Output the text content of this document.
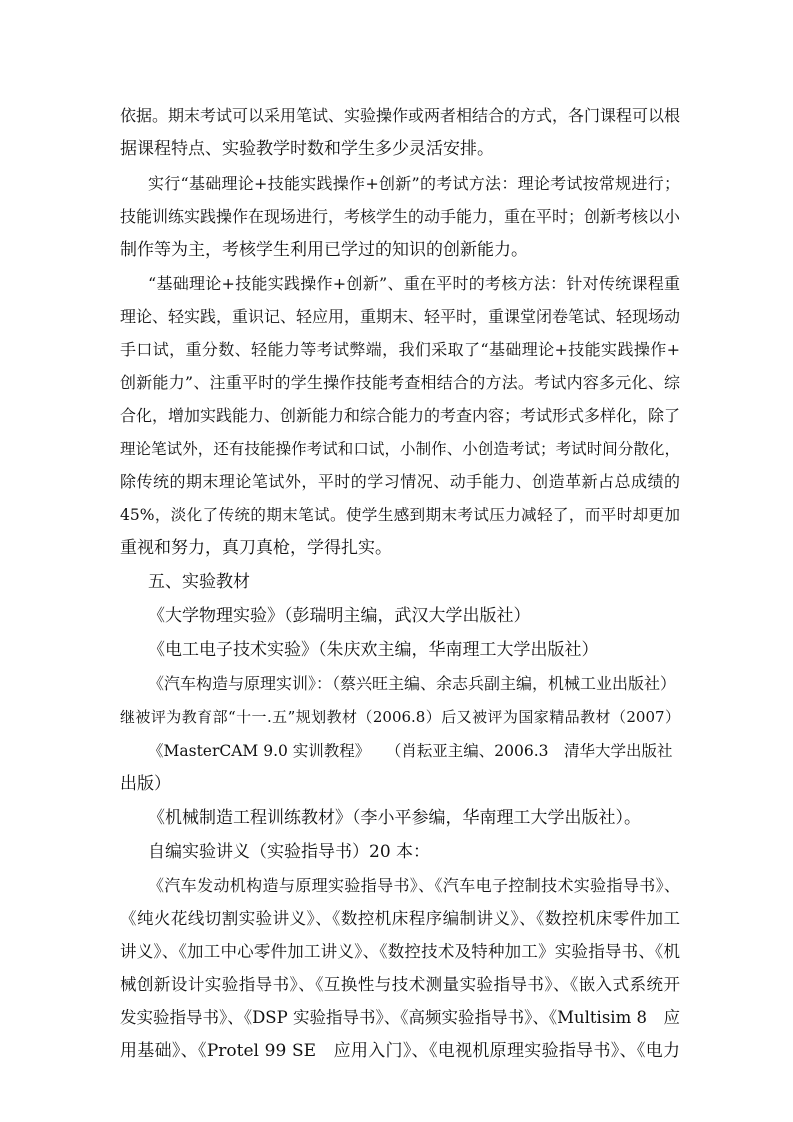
依据。期末考试可以采用笔试、实验操作或两者相结合的方式，各门课程可以根
据课程特点、实验教学时数和学生多少灵活安排。
实行“基础理论+技能实践操作+创新”的考试方法：理论考试按常规进行；
技能训练实践操作在现场进行，考核学生的动手能力，重在平时；创新考核以小
制作等为主，考核学生利用已学过的知识的创新能力。
“基础理论+技能实践操作+创新”、重在平时的考核方法：针对传统课程重
理论、轻实践，重识记、轻应用，重期末、轻平时，重课堂闭卷笔试、轻现场动
手口试，重分数、轻能力等考试弊端，我们采取了“基础理论+技能实践操作+
创新能力”、注重平时的学生操作技能考查相结合的方法。考试内容多元化、综
合化，增加实践能力、创新能力和综合能力的考查内容；考试形式多样化，除了
理论笔试外，还有技能操作考试和口试，小制作、小创造考试；考试时间分散化，
除传统的期末理论笔试外，平时的学习情况、动手能力、创造革新占总成绩的
45%，淡化了传统的期末笔试。使学生感到期末考试压力减轻了，而平时却更加
重视和努力，真刀真枪，学得扎实。
五、实验教材
《大学物理实验》（彭瑞明主编，武汉大学出版社）
《电工电子技术实验》（朱庆欢主编，华南理工大学出版社）
《汽车构造与原理实训》：（蔡兴旺主编、余志兵副主编，机械工业出版社）
继被评为教育部“十一.五”规划教材（2006.8）后又被评为国家精品教材（2007）
《MasterCAM 9.0 实训教程》　　（肖耘亚主编、2006.3　清华大学出版社
出版）
《机械制造工程训练教材》（李小平参编，华南理工大学出版社）。
自编实验讲义（实验指导书）20 本：
《汽车发动机构造与原理实验指导书》、《汽车电子控制技术实验指导书》、
《纯火花线切割实验讲义》、《数控机床程序编制讲义》、《数控机床零件加工
讲义》、《加工中心零件加工讲义》、《数控技术及特种加工》实验指导书、《机
械创新设计实验指导书》、《互换性与技术测量实验指导书》、《嵌入式系统开
发实验指导书》、《DSP 实验指导书》、《高频实验指导书》、《Multisim 8　应
用基础》、《Protel 99 SE　应用入门》、《电视机原理实验指导书》、《电力
